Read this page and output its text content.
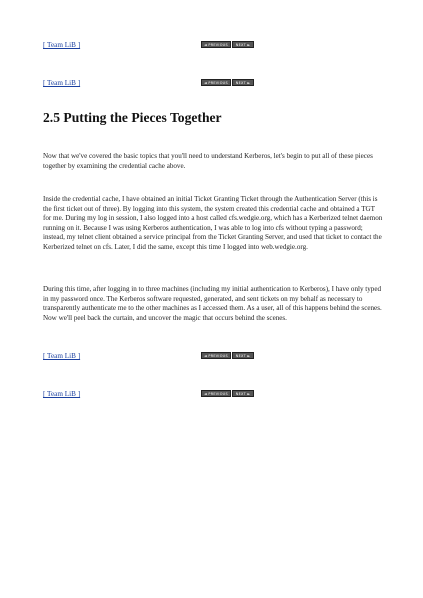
[ Team LiB ]	◄ PREVIOUS	NEXT ►
[ Team LiB ]	◄ PREVIOUS	NEXT ►
2.5 Putting the Pieces Together

Now that we've covered the basic topics that you'll need to understand Kerberos, let's begin to put all of these pieces together by examining the credential cache above.

Inside the credential cache, I have obtained an initial Ticket Granting Ticket through the Authentication Server (this is the first ticket out of three). By logging into this system, the system created this credential cache and obtained a TGT for me. During my log in session, I also logged into a host called cfs.wedgie.org, which has a Kerberized telnet daemon running on it. Because I was using Kerberos authentication, I was able to log into cfs without typing a password; instead, my telnet client obtained a service principal from the Ticket Granting Server, and used that ticket to contact the Kerberized telnet on cfs. Later, I did the same, except this time I logged into web.wedgie.org.

During this time, after logging in to three machines (including my initial authentication to Kerberos), I have only typed in my password once. The Kerberos software requested, generated, and sent tickets on my behalf as necessary to transparently authenticate me to the other machines as I accessed them. As a user, all of this happens behind the scenes. Now we'll peel back the curtain, and uncover the magic that occurs behind the scenes.

[ Team LiB ]	◄ PREVIOUS	NEXT ►
[ Team LiB ]	◄ PREVIOUS	NEXT ►
